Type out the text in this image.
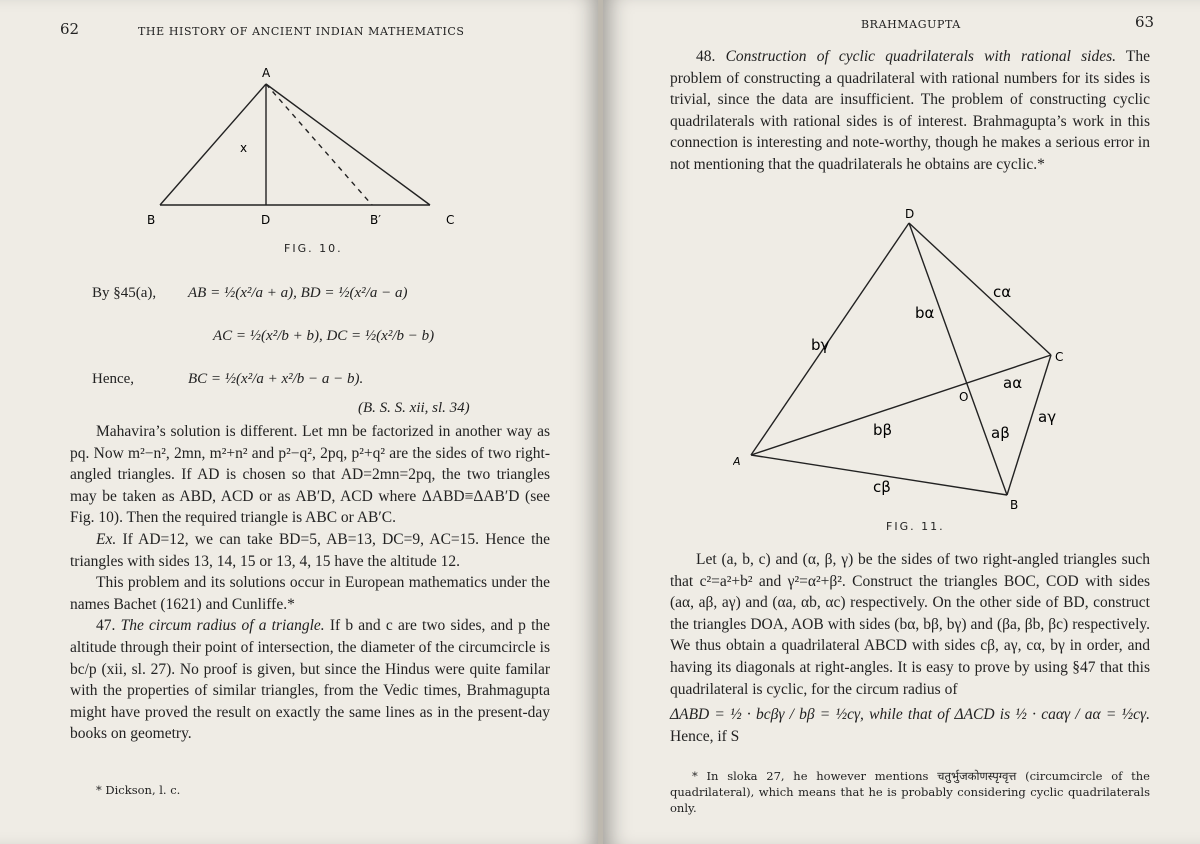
62	THE HISTORY OF ANCIENT INDIAN MATHEMATICS
A
B	D	B′	C
x
FIG. 10.
By §45(a), AB = ½(x²/a + a), BD = ½(x²/a − a)
AC = ½(x²/b + b), DC = ½(x²/b − b)
Hence,	BC = ½(x²/a + x²/b − a − b).
(B. S. S. xii, sl. 34)

Mahavira’s solution is different. Let mn be factorized in another way as pq. Now m²−n², 2mn, m²+n² and p²−q², 2pq, p²+q² are the sides of two right-angled triangles. If AD is chosen so that AD=2mn=2pq, the two triangles may be taken as ABD, ACD or as AB′D, ACD where ΔABD≡ΔAB′D (see Fig. 10). Then the required triangle is ABC or AB′C.

Ex. If AD=12, we can take BD=5, AB=13, DC=9, AC=15. Hence the triangles with sides 13, 14, 15 or 13, 4, 15 have the altitude 12.

This problem and its solutions occur in European mathematics under the names Bachet (1621) and Cunliffe.*

47. The circum radius of a triangle. If b and c are two sides, and p the altitude through their point of intersection, the diameter of the circumcircle is bc/p (xii, sl. 27). No proof is given, but since the Hindus were quite familar with the properties of similar triangles, from the Vedic times, Brahmagupta might have proved the result on exactly the same lines as in the present-day books on geometry.

* Dickson, l. c.
BRAHMAGUPTA	63

48. Construction of cyclic quadrilaterals with rational sides. The problem of constructing a quadrilateral with rational numbers for its sides is trivial, since the data are insufficient. The problem of constructing cyclic quadrilaterals with rational sides is of interest. Brahmagupta’s work in this connection is interesting and note-worthy, though he makes a serious error in not mentioning that the quadrilaterals he obtains are cyclic.*

D
C
B
A
O
bγ
bα
cα
aα
aγ
aβ
bβ
cβ
FIG. 11.

Let (a, b, c) and (α, β, γ) be the sides of two right-angled triangles such that c²=a²+b² and γ²=α²+β². Construct the triangles BOC, COD with sides (aα, aβ, aγ) and (αa, αb, αc) respectively. On the other side of BD, construct the triangles DOA, AOB with sides (bα, bβ, bγ) and (βa, βb, βc) respectively. We thus obtain a quadrilateral ABCD with sides cβ, aγ, cα, bγ in order, and having its diagonals at right-angles. It is easy to prove by using §47 that this quadrilateral is cyclic, for the circum radius of

ΔABD = ½ · bcβγ / bβ = ½cγ, while that of ΔACD is ½ · caαγ / aα = ½cγ. Hence, if S

* In sloka 27, he however mentions चतुर्भुजकोणस्पृग्वृत्त (circumcircle of the quadrilateral), which means that he is probably considering cyclic quadrilaterals only.
